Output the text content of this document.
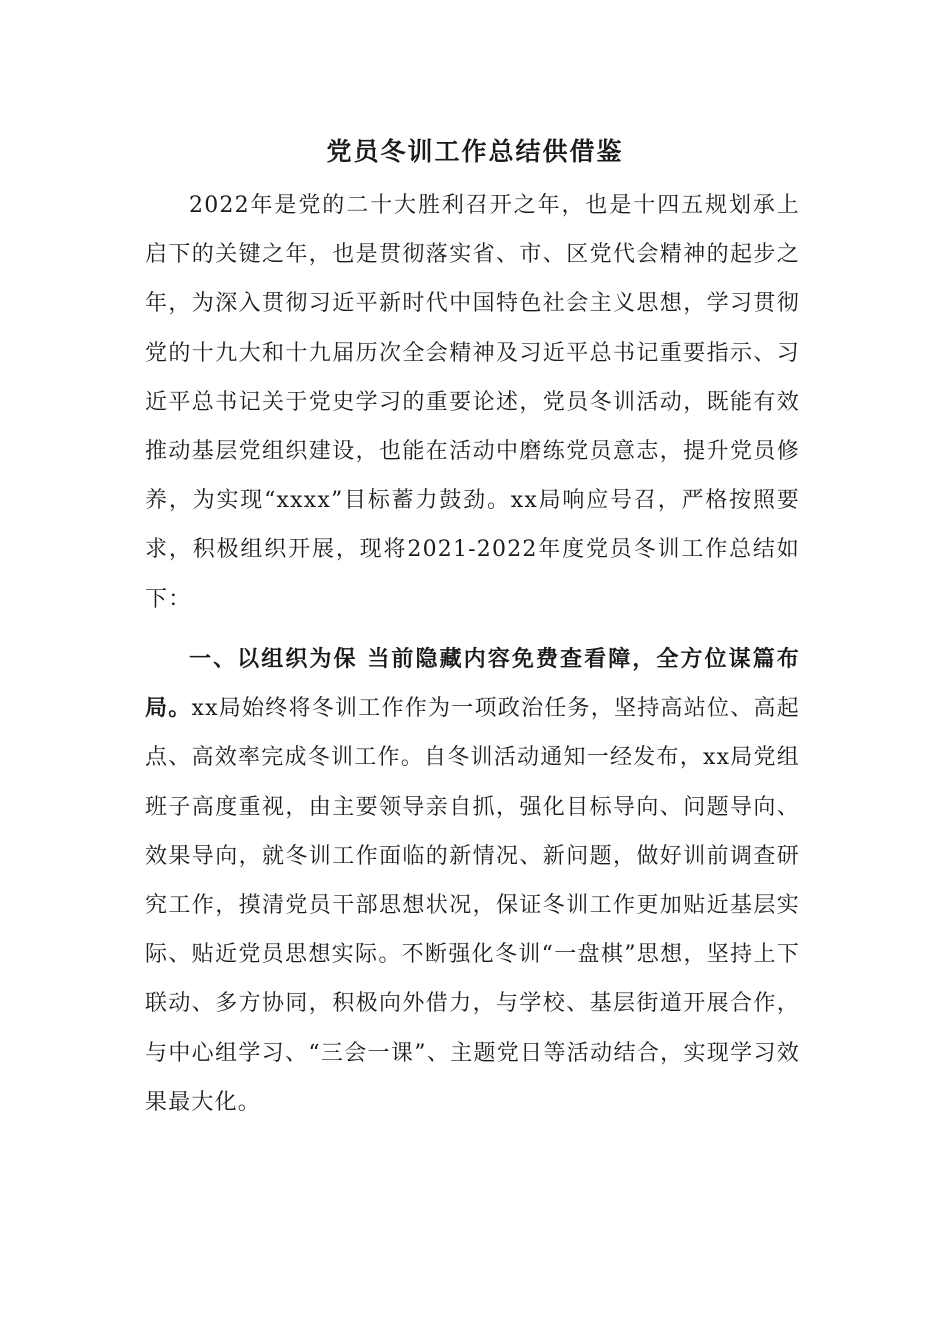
党员冬训工作总结供借鉴

2022年是党的二十大胜利召开之年，也是十四五规划承上启下的关键之年，也是贯彻落实省、市、区党代会精神的起步之年，为深入贯彻习近平新时代中国特色社会主义思想，学习贯彻党的十九大和十九届历次全会精神及习近平总书记重要指示、习近平总书记关于党史学习的重要论述，党员冬训活动，既能有效推动基层党组织建设，也能在活动中磨练党员意志，提升党员修养，为实现“xxxx”目标蓄力鼓劲。xx局响应号召，严格按照要求，积极组织开展，现将2021-2022年度党员冬训工作总结如下：

一、以组织为保 当前隐藏内容免费查看障，全方位谋篇布局。xx局始终将冬训工作作为一项政治任务，坚持高站位、高起点、高效率完成冬训工作。自冬训活动通知一经发布，xx局党组班子高度重视，由主要领导亲自抓，强化目标导向、问题导向、效果导向，就冬训工作面临的新情况、新问题，做好训前调查研究工作，摸清党员干部思想状况，保证冬训工作更加贴近基层实际、贴近党员思想实际。不断强化冬训“一盘棋”思想，坚持上下联动、多方协同，积极向外借力，与学校、基层街道开展合作，与中心组学习、“三会一课”、主题党日等活动结合，实现学习效果最大化。
